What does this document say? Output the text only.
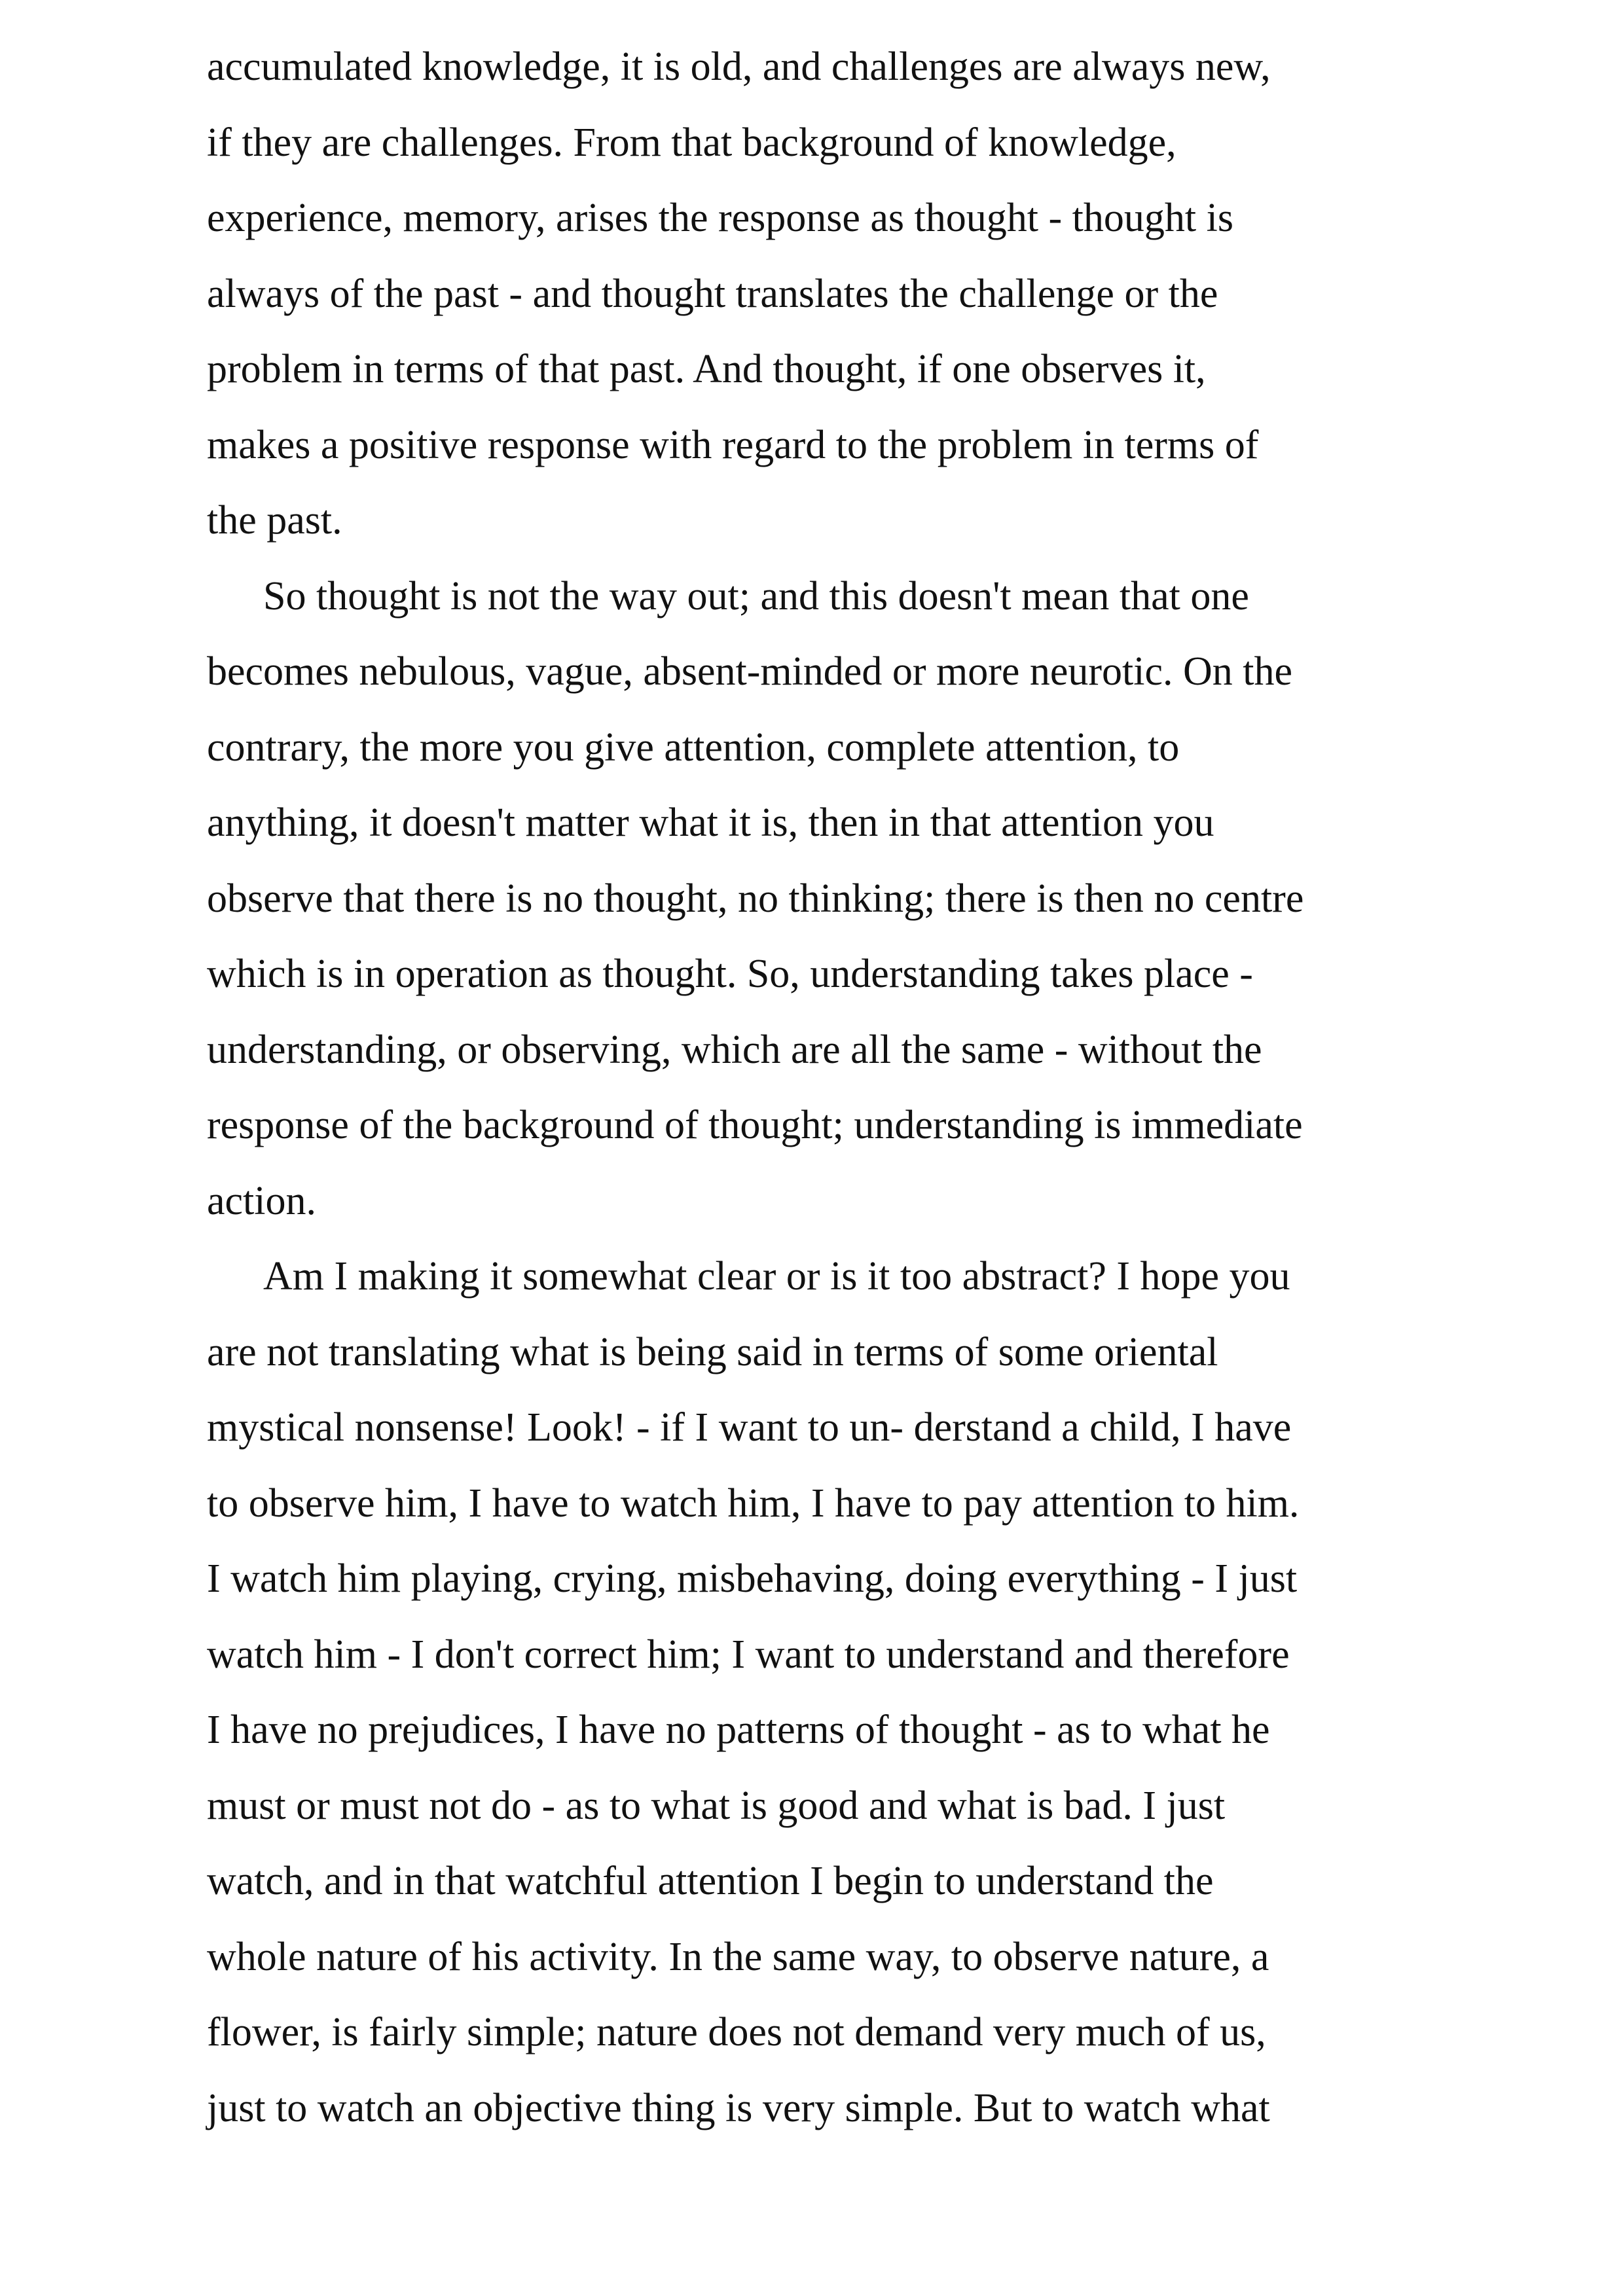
accumulated knowledge, it is old, and challenges are always new,
if they are challenges. From that background of knowledge,
experience, memory, arises the response as thought - thought is
always of the past - and thought translates the challenge or the
problem in terms of that past. And thought, if one observes it,
makes a positive response with regard to the problem in terms of
the past.
So thought is not the way out; and this doesn't mean that one
becomes nebulous, vague, absent-minded or more neurotic. On the
contrary, the more you give attention, complete attention, to
anything, it doesn't matter what it is, then in that attention you
observe that there is no thought, no thinking; there is then no centre
which is in operation as thought. So, understanding takes place -
understanding, or observing, which are all the same - without the
response of the background of thought; understanding is immediate
action.
Am I making it somewhat clear or is it too abstract? I hope you
are not translating what is being said in terms of some oriental
mystical nonsense! Look! - if I want to un- derstand a child, I have
to observe him, I have to watch him, I have to pay attention to him.
I watch him playing, crying, misbehaving, doing everything - I just
watch him - I don't correct him; I want to understand and therefore
I have no prejudices, I have no patterns of thought - as to what he
must or must not do - as to what is good and what is bad. I just
watch, and in that watchful attention I begin to understand the
whole nature of his activity. In the same way, to observe nature, a
flower, is fairly simple; nature does not demand very much of us,
just to watch an objective thing is very simple. But to watch what
